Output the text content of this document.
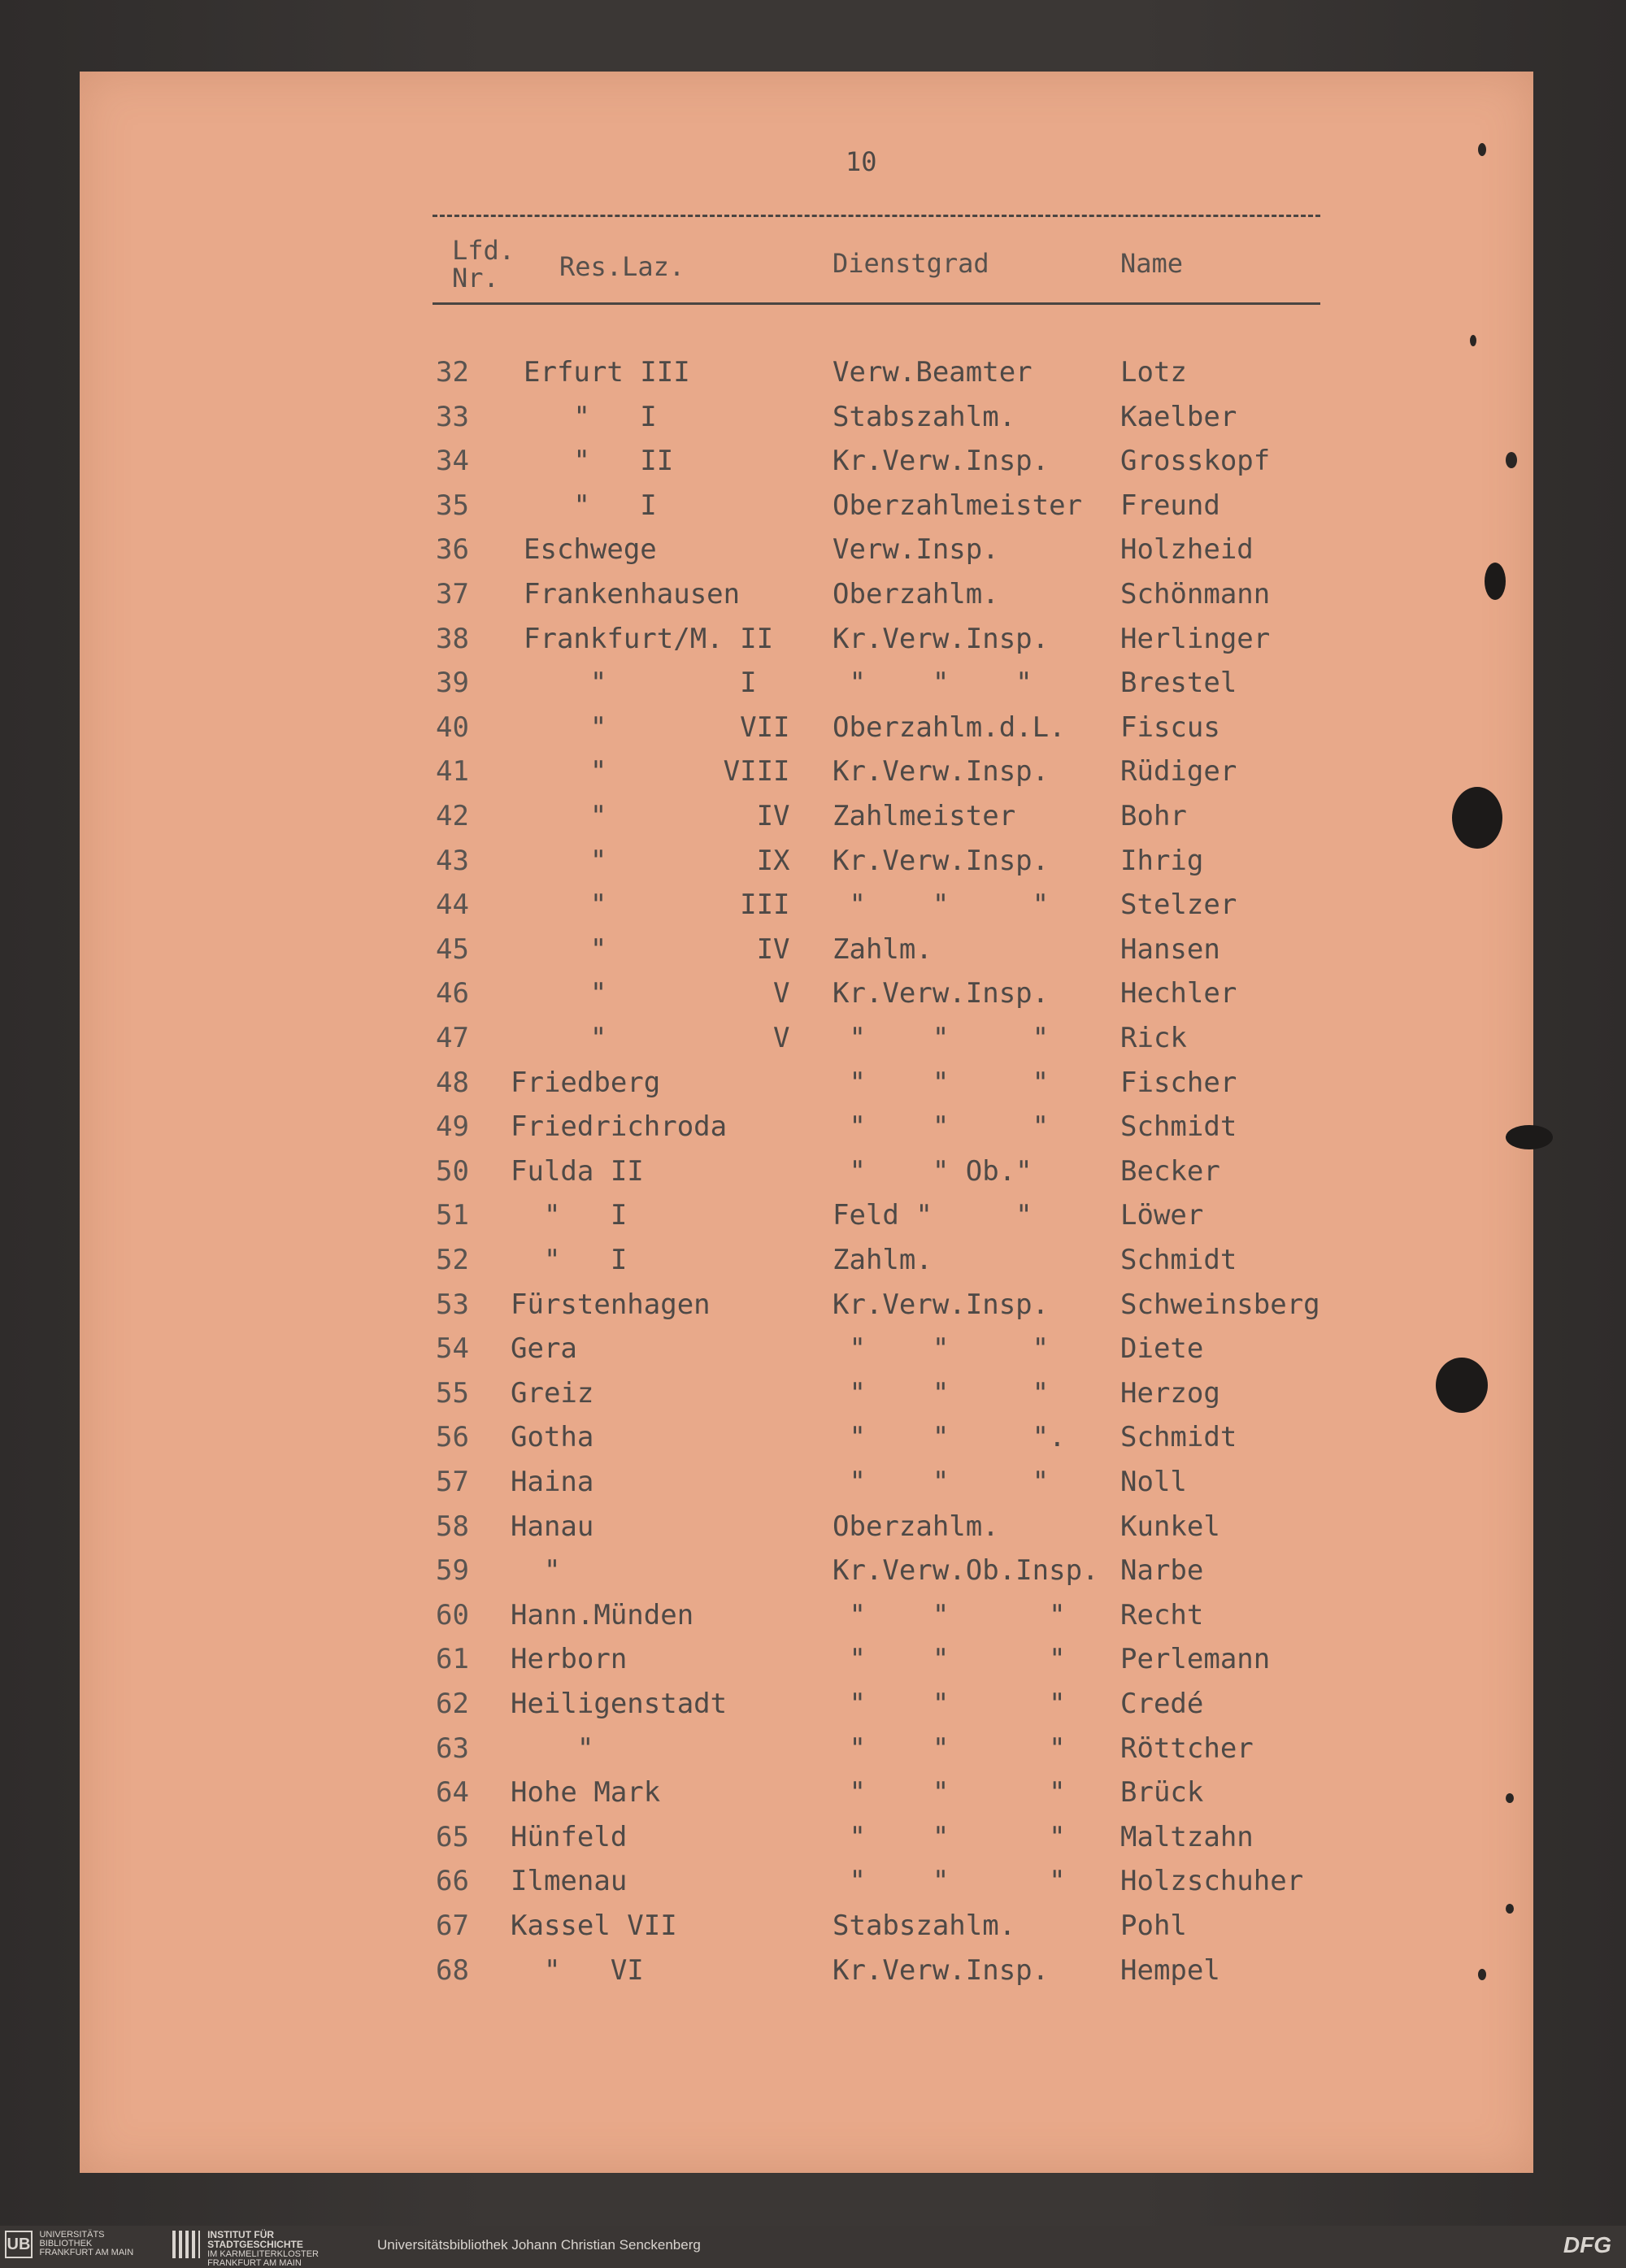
10
Lfd.
Nr.	Res.Laz.	Dienstgrad	Name
32 Erfurt III	Verw.Beamter	Lotz
33 "   I	Stabszahlm.	Kaelber
34 "   II	Kr.Verw.Insp.	Grosskopf
35 "   I	Oberzahlmeister Freund
36 Eschwege	Verw.Insp.	Holzheid
37 Frankenhausen	Oberzahlm.	Schönmann
38 Frankfurt/M. II Kr.Verw.Insp.	Herlinger
39 "        I	"    "    "	Brestel
40 "        VII Oberzahlm.d.L. Fiscus
41 "       VIII Kr.Verw.Insp.	Rüdiger
42 "         IV Zahlmeister	Bohr
43 "         IX Kr.Verw.Insp.	Ihrig
44 "        III "    "     "	Stelzer
45 "         IV Zahlm.	Hansen
46 "          V Kr.Verw.Insp.	Hechler
47 "          V "    "     "	Rick
48 Friedberg	"    "     "	Fischer
49 Friedrichroda	"    "     "	Schmidt
50 Fulda II	"    " Ob."	Becker
51 "   I	Feld "     "	Löwer
52 "   I	Zahlm.	Schmidt
53 Fürstenhagen	Kr.Verw.Insp.	Schweinsberg
54 Gera	"    "     "	Diete
55 Greiz	"    "     "	Herzog
56 Gotha	"    "     ". Schmidt
57 Haina	"    "     "	Noll
58 Hanau	Oberzahlm.	Kunkel
59 "	Kr.Verw.Ob.Insp. Narbe
60 Hann.Münden	"    "      " Recht
61 Herborn	"    "      " Perlemann
62 Heiligenstadt	"    "      " Credé
63 "	"    "      " Röttcher
64 Hohe Mark	"    "      " Brück
65 Hünfeld	"    "      " Maltzahn
66 Ilmenau	"    "      " Holzschuher
67 Kassel VII	Stabszahlm.	Pohl
68 "   VI	Kr.Verw.Insp.	Hempel
UB
UNIVERSITÄTS
BIBLIOTHEK
FRANKFURT AM MAIN

INSTITUT FÜR
STADTGESCHICHTE
IM KARMELITERKLOSTER
FRANKFURT AM MAIN
Universitätsbibliothek Johann Christian Senckenberg	DFG
